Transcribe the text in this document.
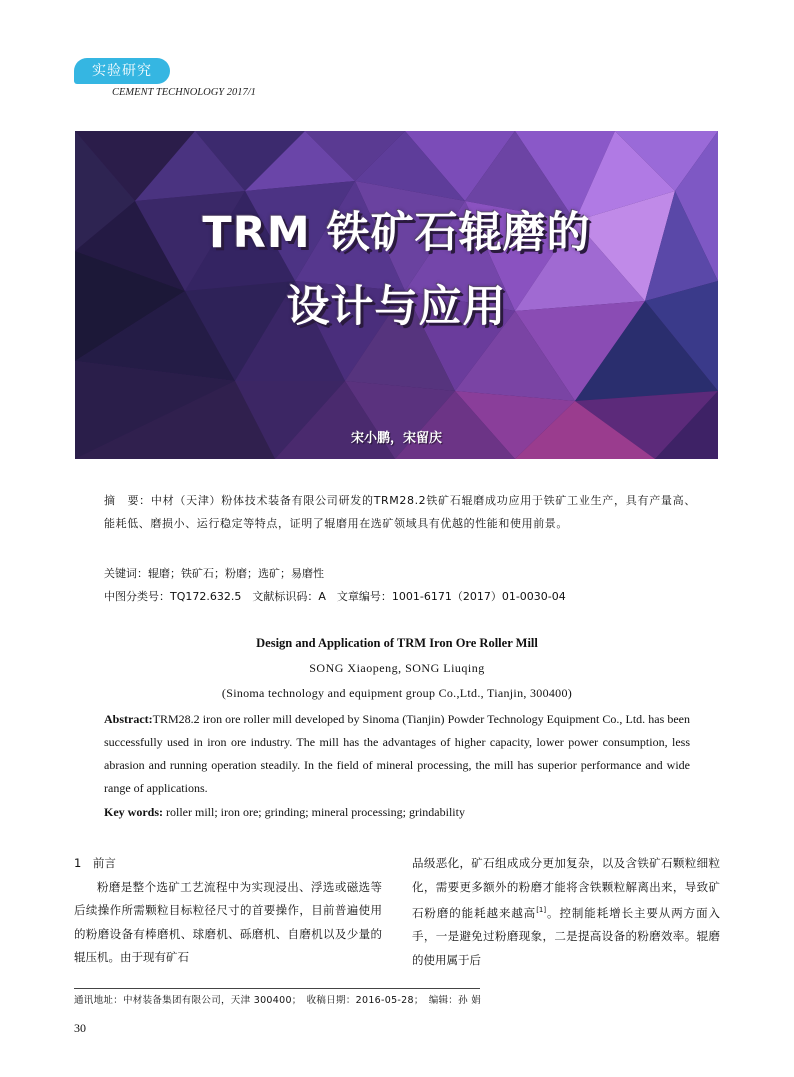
实验研究
CEMENT TECHNOLOGY 2017/1
TRM 铁矿石辊磨的
设计与应用
宋小鹏，宋留庆
摘　要：中材（天津）粉体技术装备有限公司研发的TRM28.2铁矿石辊磨成功应用于铁矿工业生产，具有产量高、能耗低、磨损小、运行稳定等特点，证明了辊磨用在选矿领域具有优越的性能和使用前景。
关键词：辊磨；铁矿石；粉磨；选矿；易磨性
中图分类号：TQ172.632.5　文献标识码：A　文章编号：1001-6171（2017）01-0030-04
Design and Application of TRM Iron Ore Roller Mill
SONG Xiaopeng, SONG Liuqing
(Sinoma technology and equipment group Co.,Ltd., Tianjin, 300400)
Abstract:TRM28.2 iron ore roller mill developed by Sinoma (Tianjin) Powder Technology Equipment Co., Ltd. has been successfully used in iron ore industry. The mill has the advantages of higher capacity, lower power consumption, less abrasion and running operation steadily. In the field of mineral processing, the mill has superior performance and wide range of applications.
Key words: roller mill; iron ore; grinding; mineral processing; grindability
1　前言
粉磨是整个选矿工艺流程中为实现浸出、浮选或磁选等后续操作所需颗粒目标粒径尺寸的首要操作，目前普遍使用的粉磨设备有棒磨机、球磨机、砾磨机、自磨机以及少量的辊压机。由于现有矿石
品级恶化，矿石组成成分更加复杂，以及含铁矿石颗粒细粒化，需要更多额外的粉磨才能将含铁颗粒解离出来，导致矿石粉磨的能耗越来越高[1]。控制能耗增长主要从两方面入手，一是避免过粉磨现象，二是提高设备的粉磨效率。辊磨的使用属于后
通讯地址：中材装备集团有限公司，天津 300400；　收稿日期：2016-05-28；　编辑：孙 娟
30
